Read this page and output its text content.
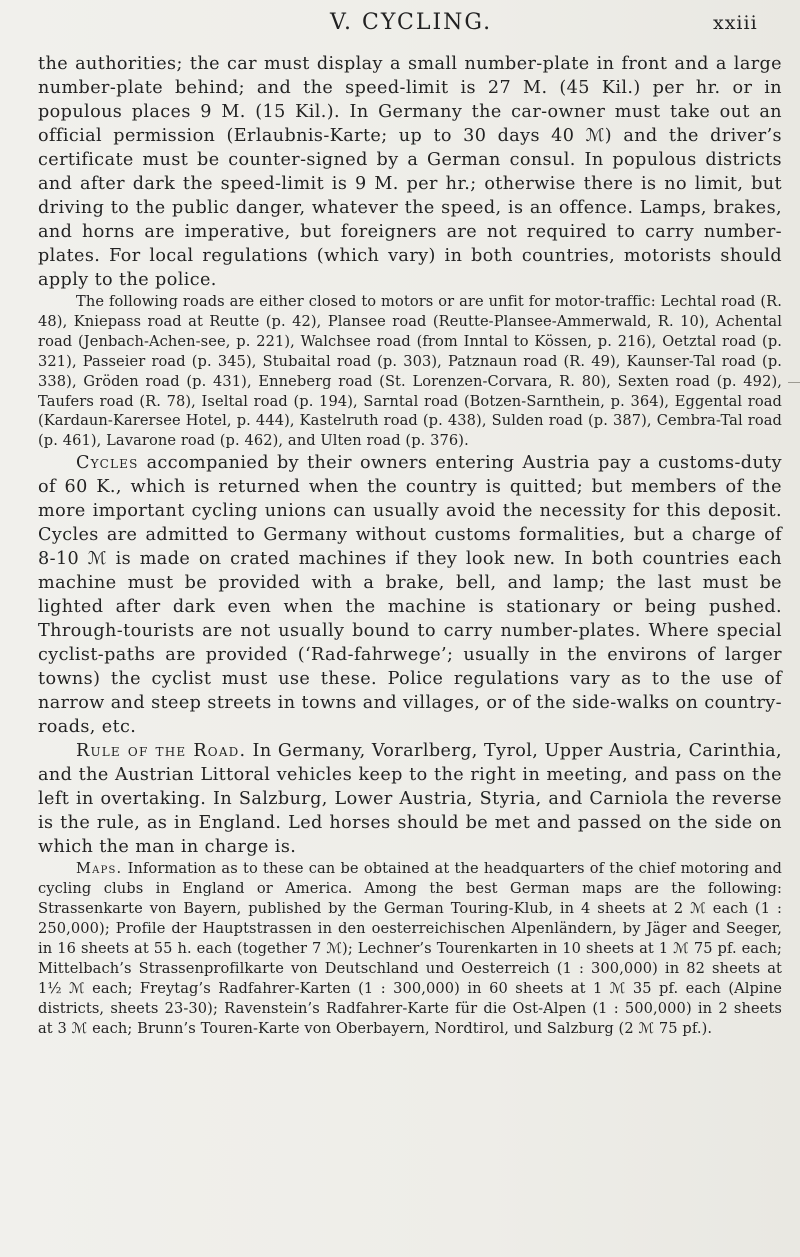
V. CYCLING.	xxiii

the authorities; the car must display a small number-plate in front and a large number-plate behind; and the speed-limit is 27 M. (45 Kil.) per hr. or in populous places 9 M. (15 Kil.). In Germany the car-owner must take out an official permission (Erlaubnis-Karte; up to 30 days 40 ℳ) and the driver’s certificate must be counter-signed by a German consul. In populous districts and after dark the speed-limit is 9 M. per hr.; otherwise there is no limit, but driving to the public danger, whatever the speed, is an offence. Lamps, brakes, and horns are imperative, but foreigners are not required to carry number-plates. For local regulations (which vary) in both countries, motorists should apply to the police.

The following roads are either closed to motors or are unfit for motor-traffic: Lechtal road (R. 48), Kniepass road at Reutte (p. 42), Plansee road (Reutte-Plansee-Ammerwald, R. 10), Achental road (Jenbach-Achen-see, p. 221), Walchsee road (from Inntal to Kössen, p. 216), Oetztal road (p. 321), Passeier road (p. 345), Stubaital road (p. 303), Patznaun road (R. 49), Kaunser-Tal road (p. 338), Gröden road (p. 431), Enneberg road (St. Lorenzen-Corvara, R. 80), Sexten road (p. 492), Taufers road (R. 78), Iseltal road (p. 194), Sarntal road (Botzen-Sarnthein, p. 364), Eggental road (Kardaun-Karersee Hotel, p. 444), Kastelruth road (p. 438), Sulden road (p. 387), Cembra-Tal road (p. 461), Lavarone road (p. 462), and Ulten road (p. 376).

Cycles accompanied by their owners entering Austria pay a customs-duty of 60 K., which is returned when the country is quitted; but members of the more important cycling unions can usually avoid the necessity for this deposit. Cycles are admitted to Germany without customs formalities, but a charge of 8-10 ℳ is made on crated machines if they look new. In both countries each machine must be provided with a brake, bell, and lamp; the last must be lighted after dark even when the machine is stationary or being pushed. Through-tourists are not usually bound to carry number-plates. Where special cyclist-paths are provided (‘Rad-fahrwege’; usually in the environs of larger towns) the cyclist must use these. Police regulations vary as to the use of narrow and steep streets in towns and villages, or of the side-walks on country-roads, etc.

Rule of the Road. In Germany, Vorarlberg, Tyrol, Upper Austria, Carinthia, and the Austrian Littoral vehicles keep to the right in meeting, and pass on the left in overtaking. In Salzburg, Lower Austria, Styria, and Carniola the reverse is the rule, as in England. Led horses should be met and passed on the side on which the man in charge is.

Maps. Information as to these can be obtained at the headquarters of the chief motoring and cycling clubs in England or America. Among the best German maps are the following: Strassenkarte von Bayern, published by the German Touring-Klub, in 4 sheets at 2 ℳ each (1 : 250,000); Profile der Hauptstrassen in den oesterreichischen Alpenländern, by Jäger and Seeger, in 16 sheets at 55 h. each (together 7 ℳ); Lechner’s Tourenkarten in 10 sheets at 1 ℳ 75 pf. each; Mittelbach’s Strassenprofilkarte von Deutschland und Oesterreich (1 : 300,000) in 82 sheets at 1½ ℳ each; Freytag’s Radfahrer-Karten (1 : 300,000) in 60 sheets at 1 ℳ 35 pf. each (Alpine districts, sheets 23-30); Ravenstein’s Radfahrer-Karte für die Ost-Alpen (1 : 500,000) in 2 sheets at 3 ℳ each; Brunn’s Touren-Karte von Oberbayern, Nordtirol, und Salzburg (2 ℳ 75 pf.).
